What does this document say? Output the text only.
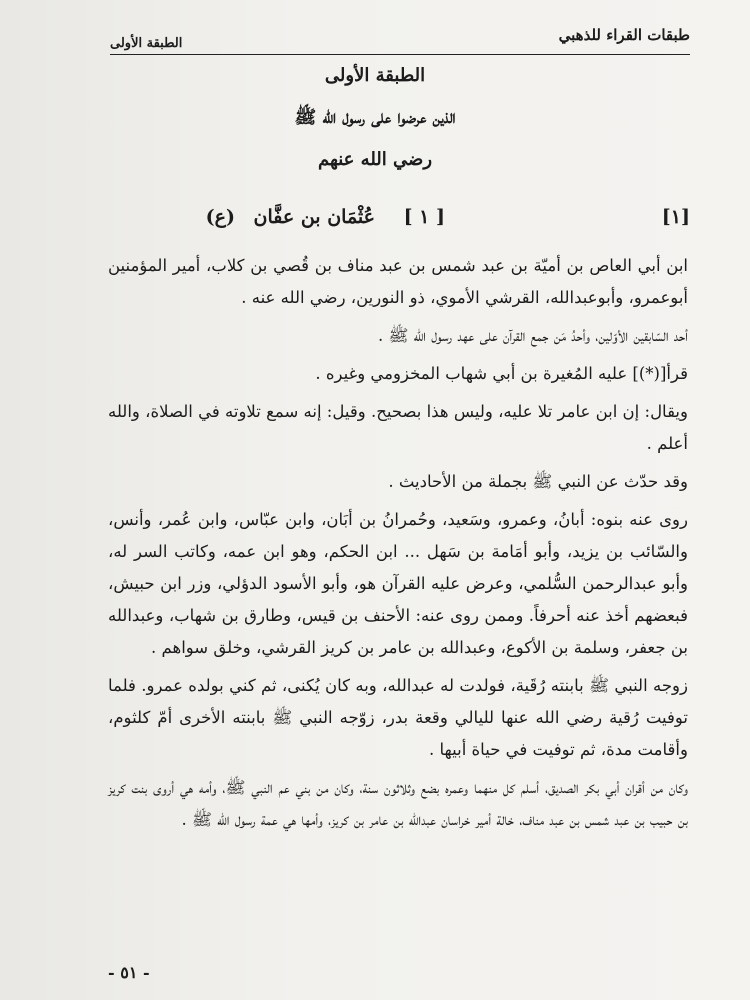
طبقات القراء للذهبي
الطبقة الأولى
الطبقة الأولى
الذين عرضوا على رسول الله ﷺ
رضي الله عنهم
[١]
[ ١ ]
عُثْمَان بن عفَّان
(ع)

ابن أبي العاص بن أميّة بن عبد شمس بن عبد مناف بن قُصي بن كلاب، أمير المؤمنين أبوعمرو، وأبوعبدالله، القرشي الأموي، ذو النورين، رضي الله عنه .

أحد السّابقين الأوّلين، وأحدُ مَن جمع القرآن على عهد رسول الله ﷺ .

قرأ[(*)] عليه المُغيرة بن أبي شهاب المخزومي وغيره .

ويقال: إن ابن عامر تلا عليه، وليس هذا بصحيح. وقيل: إنه سمع تلاوته في الصلاة، والله أعلم .

وقد حدّث عن النبي ﷺ بجملة من الأحاديث .

روى عنه بنوه: أبانُ، وعمرو، وسَعيد، وحُمرانُ بن أبَان، وابن عبّاس، وابن عُمر، وأنس، والسّائب بن يزيد، وأبو أمَامة بن سَهل ... ابن الحكم، وهو ابن عمه، وكاتب السر له، وأبو عبدالرحمن السُّلمي، وعرض عليه القرآن هو، وأبو الأسود الدؤلي، وزر ابن حبيش، فبعضهم أخذ عنه أحرفاً. وممن روى عنه: الأحنف بن قيس، وطارق بن شهاب، وعبدالله بن جعفر، وسلمة بن الأكوع، وعبدالله بن عامر بن كريز القرشي، وخلق سواهم .

زوجه النبي ﷺ بابنته رُقَية، فولدت له عبدالله، وبه كان يُكنى، ثم كني بولده عمرو. فلما توفيت رُقية رضي الله عنها لليالي وقعة بدر، زوّجه النبي ﷺ بابنته الأخرى أمّ كلثوم، وأقامت مدة، ثم توفيت في حياة أبيها .

وكان من أقران أبي بكر الصديق، أسلم كل منهما وعمره بضع وثلاثون سنة، وكان من بني عم النبي ﷺ، وأمه هي أروى بنت كريز بن حبيب بن عبد شمس بن عبد مناف، خالة أمير خراسان عبدالله بن عامر بن كريز، وأمها هي عمة رسول الله ﷺ .

- ٥١ -
